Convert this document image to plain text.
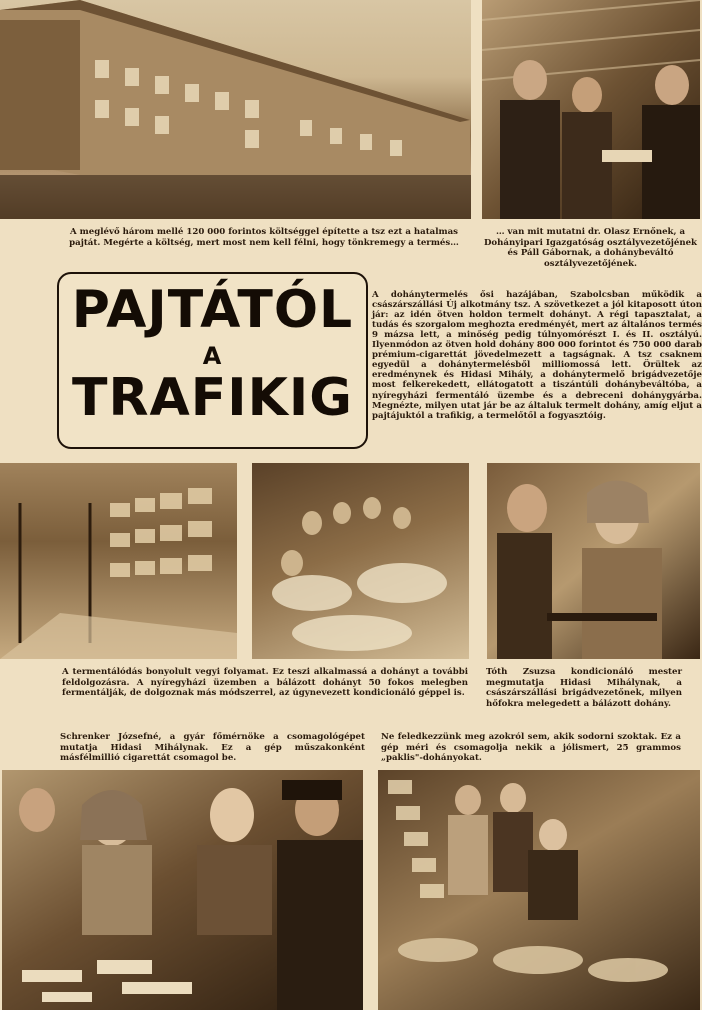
A meglévő három mellé 120 000 forintos költséggel építette a tsz ezt a hatalmas pajtát. Megérte a költség, mert most nem kell félni, hogy tönkremegy a termés…

… van mit mutatni dr. Olasz Ernőnek, a Dohányipari Igazgatóság osztályvezetőjének és Páll Gábornak, a dohánybeváltó osztályvezetőjének.

PAJTÁTÓL
A
TRAFIKIG

A dohánytermelés ősi hazájában, Szabolcsban működik a császárszállási Új alkotmány tsz. A szövetkezet a jól kitaposott úton jár: az idén ötven holdon termelt dohányt. A régi tapasztalat, a tudás és szorgalom meghozta eredményét, mert az általános termés 9 mázsa lett, a minőség pedig túlnyomórészt I. és II. osztályú. Ilyenmódon az ötven hold dohány 800 000 forintot és 750 000 darab prémium-cigarettát jövedelmezett a tagságnak. A tsz csaknem egyedül a dohánytermelésből milliomossá lett. Örültek az eredménynek és Hidasi Mihály, a dohánytermelő brigádvezetője most felkerekedett, ellátogatott a tiszántúli dohánybeváltóba, a nyíregyházi fermentáló üzembe és a debreceni dohánygyárba. Megnézte, milyen utat jár be az általuk termelt dohány, amíg eljut a pajtájuktól a trafikig, a termelőtől a fogyasztóig.

A termentálódás bonyolult vegyi folyamat. Ez teszi alkalmassá a dohányt a további feldolgozásra. A nyíregyházi üzemben a bálázott dohányt 50 fokos melegben fermentálják, de dolgoznak más módszerrel, az úgynevezett kondicionáló géppel is.

Tóth Zsuzsa kondicionáló mester megmutatja Hidasi Mihálynak, a császárszállási brigádvezetőnek, milyen hőfokra melegedett a bálázott dohány.

Schrenker Józsefné, a gyár főmérnöke a csomagológépet mutatja Hidasi Mihálynak. Ez a gép műszakonként másfélmillió cigarettát csomagol be.

Ne feledkezzünk meg azokról sem, akik sodorni szoktak. Ez a gép méri és csomagolja nekik a jólismert, 25 grammos „paklis"-dohányokat.
